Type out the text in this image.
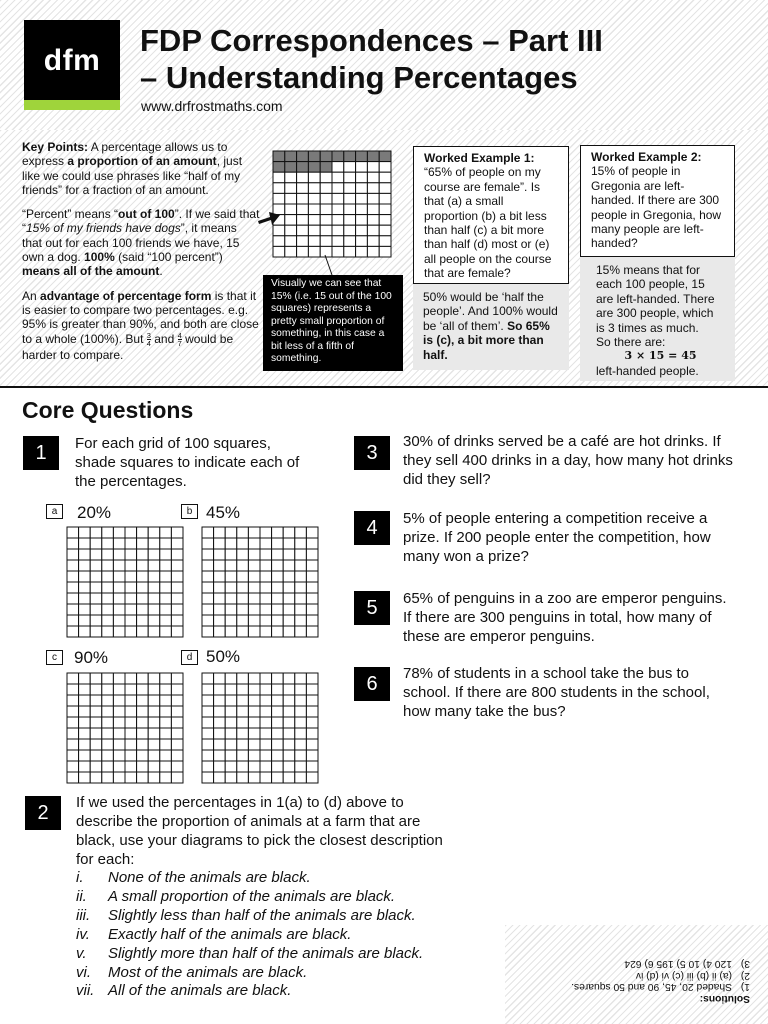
dfm
FDP Correspondences – Part III
– Understanding Percentages
www.drfrostmaths.com

Key Points: A percentage allows us to express a proportion of an amount, just like we could use phrases like “half of my friends” for a fraction of an amount.

“Percent” means “out of 100”. If we said that “15% of my friends have dogs”, it means that out for each 100 friends we have, 15 own a dog. 100% (said “100 percent”) means all of the amount.

An advantage of percentage form is that it is easier to compare two percentages. e.g. 95% is greater than 90%, and both are close to a whole (100%). But $\frac{3}{4}$ and $\frac{4}{7}$ would be harder to compare.

Visually we can see that 15% (i.e. 15 out of the 100 squares) represents a pretty small proportion of something, in this case a bit less of a fifth of something.
Worked Example 1:
“65% of people on my course are female”. Is that (a) a small proportion (b) a bit less than half (c) a bit more than half (d) most or (e) all people on the course that are female?
50% would be ‘half the people’. And 100% would be ‘all of them’. So 65% is (c), a bit more than half.
Worked Example 2:
15% of people in Gregonia are left-handed. If there are 300 people in Gregonia, how many people are left-handed?
15% means that for each 100 people, 15 are left-handed. There are 300 people, which is 3 times as much.
So there are:
3 × 15 = 45
left-handed people.
Core Questions
1	For each grid of 100 squares, shade squares to indicate each of the percentages.
a	20%	b 45%
c	90%	d 50%
2	If we used the percentages in 1(a) to (d) above to describe the proportion of animals at a farm that are black, use your diagrams to pick the closest description for each:
i.	None of the animals are black.
ii.	A small proportion of the animals are black.
iii.	Slightly less than half of the animals are black.
iv.	Exactly half of the animals are black.
v.	Slightly more than half of the animals are black.
vi.	Most of the animals are black.
vii. All of the animals are black.
3
30% of drinks served be a café are hot drinks. If they sell 400 drinks in a day, how many hot drinks did they sell?
4	5% of people entering a competition receive a prize. If 200 people enter the competition, how many won a prize?
5	65% of penguins in a zoo are emperor penguins. If there are 300 penguins in total, how many of these are emperor penguins.
6	78% of students in a school take the bus to school. If there are 800 students in the school, how many take the bus?
Solutions:
1)
Shaded 20, 45, 90 and 50 squares.
2)
(a) ii (b) iii (c) vi (d) iv
3)
120 4) 10 5) 195 6) 624
